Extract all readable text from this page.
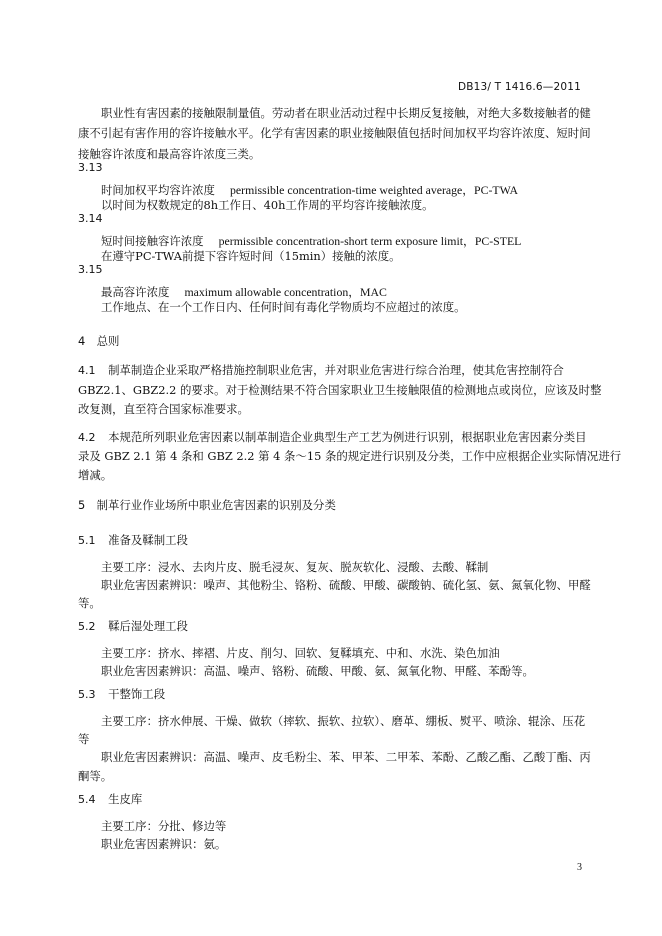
DB13/ T 1416.6—2011
职业性有害因素的接触限制量值。劳动者在职业活动过程中长期反复接触，对绝大多数接触者的健
康不引起有害作用的容许接触水平。化学有害因素的职业接触限值包括时间加权平均容许浓度、短时间
接触容许浓度和最高容许浓度三类。
3.13
时间加权平均容许浓度 permissible concentration-time weighted average，PC-TWA
以时间为权数规定的8h工作日、40h工作周的平均容许接触浓度。
3.14
短时间接触容许浓度 permissible concentration-short term exposure limit，PC-STEL
在遵守PC-TWA前提下容许短时间（15min）接触的浓度。
3.15
最高容许浓度 maximum allowable concentration，MAC
工作地点、在一个工作日内、任何时间有毒化学物质均不应超过的浓度。
4　总则
4.1 制革制造企业采取严格措施控制职业危害，并对职业危害进行综合治理，使其危害控制符合
GBZ2.1、GBZ2.2 的要求。对于检测结果不符合国家职业卫生接触限值的检测地点或岗位，应该及时整
改复测，直至符合国家标准要求。
4.2 本规范所列职业危害因素以制革制造企业典型生产工艺为例进行识别，根据职业危害因素分类目
录及 GBZ 2.1 第 4 条和 GBZ 2.2 第 4 条～15 条的规定进行识别及分类，工作中应根据企业实际情况进行
增减。
5　制革行业作业场所中职业危害因素的识别及分类
5.1 准备及鞣制工段
主要工序：浸水、去肉片皮、脱毛浸灰、复灰、脱灰软化、浸酸、去酸、鞣制
职业危害因素辨识：噪声、其他粉尘、铬粉、硫酸、甲酸、碳酸钠、硫化氢、氨、氮氧化物、甲醛
等。
5.2 鞣后湿处理工段
主要工序：挤水、摔褶、片皮、削匀、回软、复鞣填充、中和、水洗、染色加油
职业危害因素辨识：高温、噪声、铬粉、硫酸、甲酸、氨、氮氧化物、甲醛、苯酚等。
5.3 干整饰工段
主要工序：挤水伸展、干燥、做软（摔软、振软、拉软）、磨革、绷板、熨平、喷涂、辊涂、压花
等
职业危害因素辨识：高温、噪声、皮毛粉尘、苯、甲苯、二甲苯、苯酚、乙酸乙酯、乙酸丁酯、丙
酮等。
5.4 生皮库
主要工序：分批、修边等
职业危害因素辨识：氨。
3
